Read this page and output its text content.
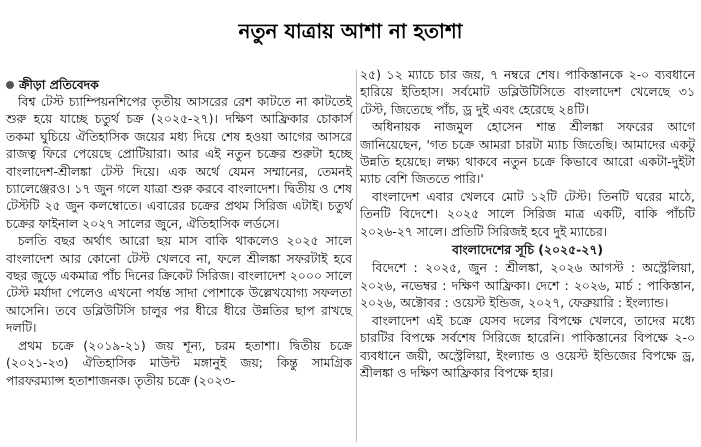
নতুন যাত্রায় আশা না হতাশা
ক্রীড়া প্রতিবেদক

বিশ্ব টেস্ট চ্যাম্পিয়নশিপের তৃতীয় আসরের রেশ কাটতে না কাটতেই শুরু হয়ে যাচ্ছে চতুর্থ চক্র (২০২৫-২৭)। দক্ষিণ আফ্রিকার চোকার্স তকমা ঘুচিয়ে ঐতিহাসিক জয়ের মধ্য দিয়ে শেষ হওয়া আগের আসরে রাজত্ব ফিরে পেয়েছে প্রোটিয়ারা। আর এই নতুন চক্রের শুরুটা হচ্ছে বাংলাদেশ-শ্রীলঙ্কা টেস্ট দিয়ে। এক অর্থে যেমন সম্মানের, তেমনই চ্যালেঞ্জেরও। ১৭ জুন গলে যাত্রা শুরু করবে বাংলাদেশ। দ্বিতীয় ও শেষ টেস্টটি ২৫ জুন কলম্বোতে। এবারের চক্রের প্রথম সিরিজ এটাই। চতুর্থ চক্রের ফাইনাল ২০২৭ সালের জুনে, ঐতিহাসিক লর্ডসে।

চলতি বছর অর্থাৎ আরো ছয় মাস বাকি থাকলেও ২০২৫ সালে বাংলাদেশ আর কোনো টেস্ট খেলবে না, ফলে শ্রীলঙ্কা সফরটাই হবে বছর জুড়ে একমাত্র পাঁচ দিনের ক্রিকেট সিরিজ। বাংলাদেশ ২০০০ সালে টেস্ট মর্যাদা পেলেও এখনো পর্যন্ত সাদা পোশাকে উল্লেখযোগ্য সফলতা আসেনি। তবে ডব্লিউটিসি চালুর পর ধীরে ধীরে উন্নতির ছাপ রাখছে দলটি।

প্রথম চক্রে (২০১৯-২১) জয় শূন্য, চরম হতাশা। দ্বিতীয় চক্রে (২০২১-২৩) ঐতিহাসিক মাউন্ট মঙ্গানুই জয়; কিন্তু সামগ্রিক পারফরম্যান্স হতাশাজনক। তৃতীয় চক্রে (২০২৩-

২৫) ১২ ম্যাচে চার জয়, ৭ নম্বরে শেষ। পাকিস্তানকে ২-০ ব্যবধানে হারিয়ে ইতিহাস। সর্বমোট ডব্লিউটিসিতে বাংলাদেশ খেলেছে ৩১ টেস্ট, জিতেছে পাঁচ, ড্র দুই এবং হেরেছে ২৪টি।

অধিনায়ক নাজমুল হোসেন শান্ত শ্রীলঙ্কা সফরের আগে জানিয়েছেন, 'গত চক্রে আমরা চারটা ম্যাচ জিতেছি। আমাদের একটু উন্নতি হয়েছে। লক্ষ্য থাকবে নতুন চক্রে কিভাবে আরো একটা-দুইটা ম্যাচ বেশি জিততে পারি।'

বাংলাদেশ এবার খেলবে মোট ১২টি টেস্ট। তিনটি ঘরের মাঠে, তিনটি বিদেশে। ২০২৫ সালে সিরিজ মাত্র একটি, বাকি পাঁচটি ২০২৬-২৭ সালে। প্রতিটি সিরিজই হবে দুই ম্যাচের।

বাংলাদেশের সূচি (২০২৫-২৭)

বিদেশে : ২০২৫, জুন : শ্রীলঙ্কা, ২০২৬ আগস্ট : অস্ট্রেলিয়া, ২০২৬, নভেম্বর : দক্ষিণ আফ্রিকা। দেশে : ২০২৬, মার্চ : পাকিস্তান, ২০২৬, অক্টোবর : ওয়েস্ট ইন্ডিজ, ২০২৭, ফেব্রুয়ারি : ইংল্যান্ড।

বাংলাদেশ এই চক্রে যেসব দলের বিপক্ষে খেলবে, তাদের মধ্যে চারটির বিপক্ষে সর্বশেষ সিরিজে হারেনি। পাকিস্তানের বিপক্ষে ২-০ ব্যবধানে জয়ী, অস্ট্রেলিয়া, ইংল্যান্ড ও ওয়েস্ট ইন্ডিজের বিপক্ষে ড্র, শ্রীলঙ্কা ও দক্ষিণ আফ্রিকার বিপক্ষে হার।
